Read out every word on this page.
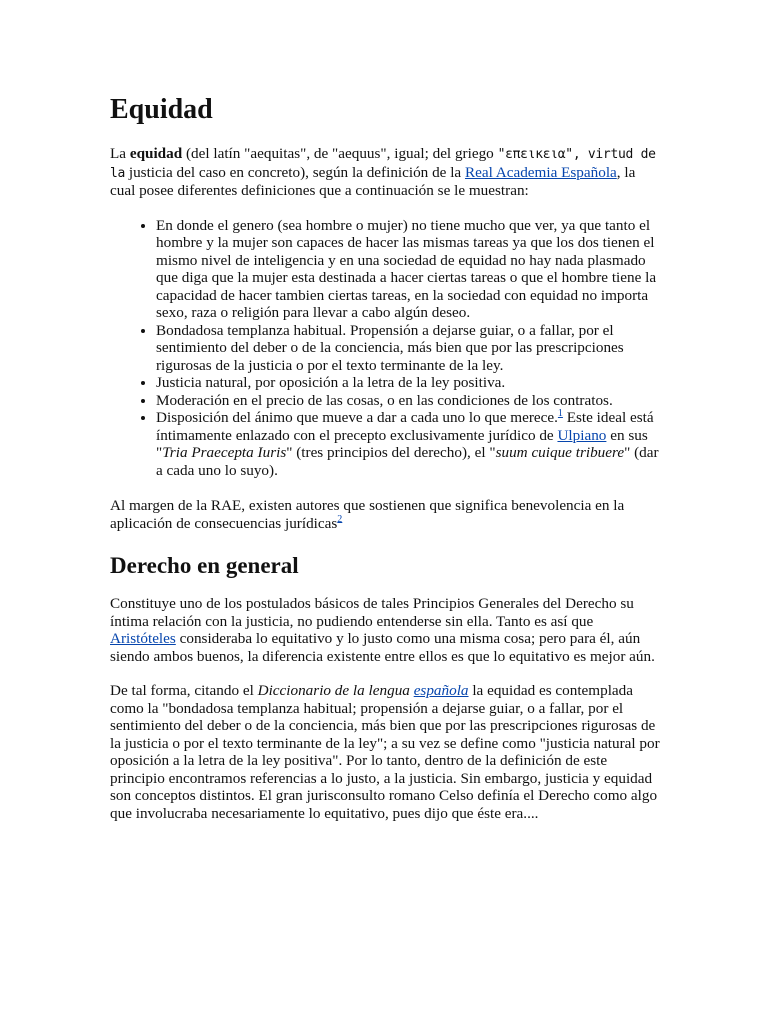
Equidad

La equidad (del latín "aequitas", de "aequus", igual; del griego "επεικεια", virtud de la justicia del caso en concreto), según la definición de la Real Academia Española, la cual posee diferentes definiciones que a continuación se le muestran:

• En donde el genero (sea hombre o mujer) no tiene mucho que ver, ya que tanto el hombre y la mujer son capaces de hacer las mismas tareas ya que los dos tienen el mismo nivel de inteligencia y en una sociedad de equidad no hay nada plasmado que diga que la mujer esta destinada a hacer ciertas tareas o que el hombre tiene la capacidad de hacer tambien ciertas tareas, en la sociedad con equidad no importa sexo, raza o religión para llevar a cabo algún deseo.
• Bondadosa templanza habitual. Propensión a dejarse guiar, o a fallar, por el sentimiento del deber o de la conciencia, más bien que por las prescripciones rigurosas de la justicia o por el texto terminante de la ley.
• Justicia natural, por oposición a la letra de la ley positiva.
• Moderación en el precio de las cosas, o en las condiciones de los contratos.
• Disposición del ánimo que mueve a dar a cada uno lo que merece.$^1$ Este ideal está íntimamente enlazado con el precepto exclusivamente jurídico de Ulpiano en sus "Tria Praecepta Iuris" (tres principios del derecho), el "suum cuique tribuere" (dar a cada uno lo suyo).

Al margen de la RAE, existen autores que sostienen que significa benevolencia en la aplicación de consecuencias jurídicas$^2$

Derecho en general

Constituye uno de los postulados básicos de tales Principios Generales del Derecho su íntima relación con la justicia, no pudiendo entenderse sin ella. Tanto es así que Aristóteles consideraba lo equitativo y lo justo como una misma cosa; pero para él, aún siendo ambos buenos, la diferencia existente entre ellos es que lo equitativo es mejor aún.

De tal forma, citando el Diccionario de la lengua española la equidad es contemplada como la "bondadosa templanza habitual; propensión a dejarse guiar, o a fallar, por el sentimiento del deber o de la conciencia, más bien que por las prescripciones rigurosas de la justicia o por el texto terminante de la ley"; a su vez se define como "justicia natural por oposición a la letra de la ley positiva". Por lo tanto, dentro de la definición de este principio encontramos referencias a lo justo, a la justicia. Sin embargo, justicia y equidad son conceptos distintos. El gran jurisconsulto romano Celso definía el Derecho como algo que involucraba necesariamente lo equitativo, pues dijo que éste era....
